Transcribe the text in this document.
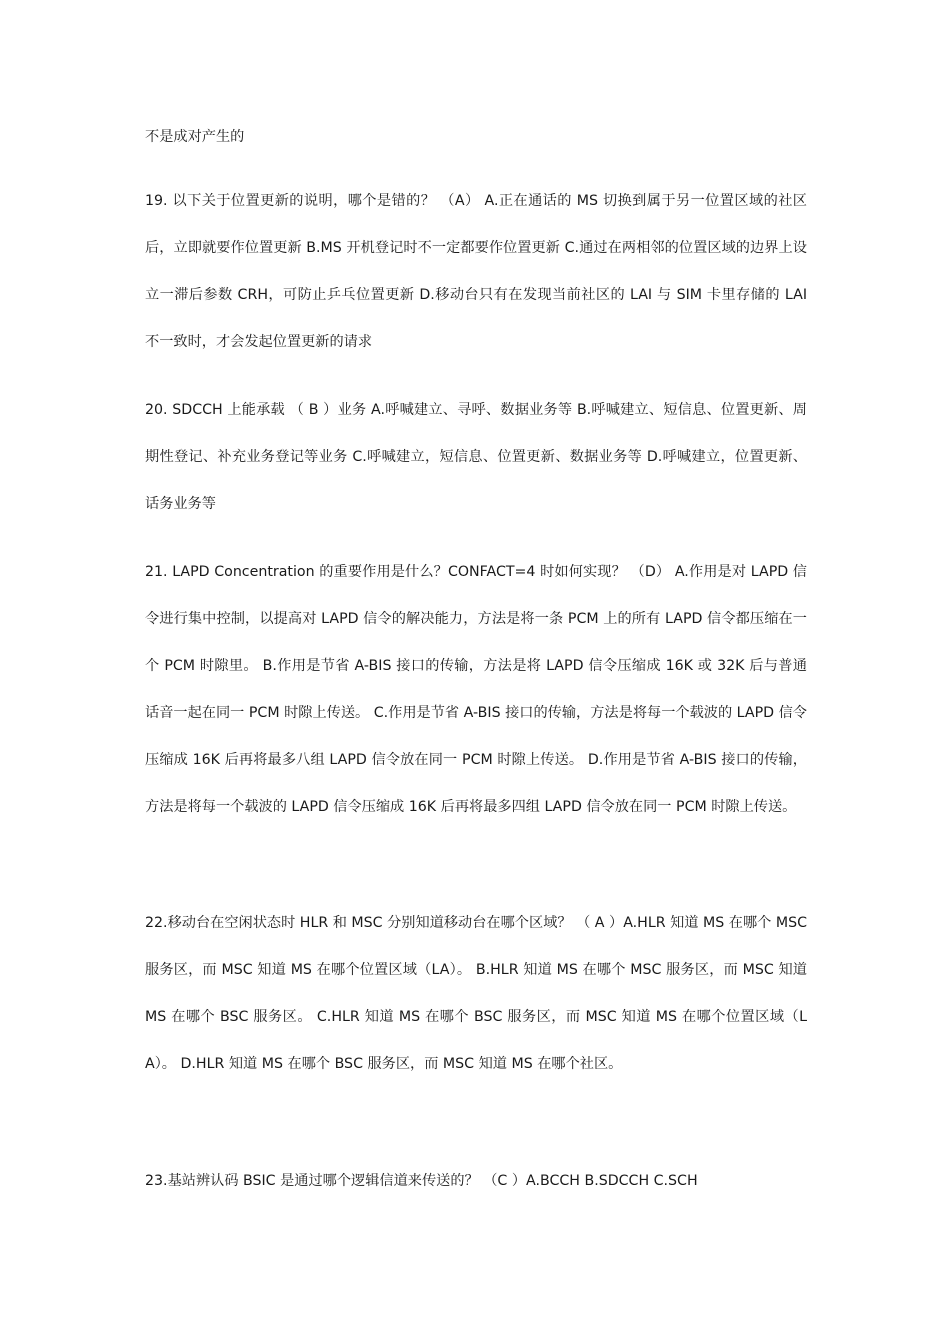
不是成对产生的
19. 以下关于位置更新的说明，哪个是错的？ （A） A.正在通话的 MS 切换到属于另一位置区域的社区后，立即就要作位置更新 B.MS 开机登记时不一定都要作位置更新 C.通过在两相邻的位置区域的边界上设立一滞后参数 CRH，可防止乒乓位置更新 D.移动台只有在发现当前社区的 LAI 与 SIM 卡里存储的 LAI 不一致时，才会发起位置更新的请求
20. SDCCH 上能承载 （ B ）业务 A.呼喊建立、寻呼、数据业务等 B.呼喊建立、短信息、位置更新、周期性登记、补充业务登记等业务 C.呼喊建立，短信息、位置更新、数据业务等 D.呼喊建立，位置更新、话务业务等
21. LAPD Concentration 的重要作用是什么？CONFACT=4 时如何实现？ （D） A.作用是对 LAPD 信令进行集中控制，以提高对 LAPD 信令的解决能力，方法是将一条 PCM 上的所有 LAPD 信令都压缩在一个 PCM 时隙里。 B.作用是节省 A-BIS 接口的传输，方法是将 LAPD 信令压缩成 16K 或 32K 后与普通话音一起在同一 PCM 时隙上传送。 C.作用是节省 A-BIS 接口的传输，方法是将每一个载波的 LAPD 信令压缩成 16K 后再将最多八组 LAPD 信令放在同一 PCM 时隙上传送。 D.作用是节省 A-BIS 接口的传输，方法是将每一个载波的 LAPD 信令压缩成 16K 后再将最多四组 LAPD 信令放在同一 PCM 时隙上传送。
22.移动台在空闲状态时 HLR 和 MSC 分别知道移动台在哪个区域？ （ A ）A.HLR 知道 MS 在哪个 MSC 服务区，而 MSC 知道 MS 在哪个位置区域（LA）。 B.HLR 知道 MS 在哪个 MSC 服务区，而 MSC 知道 MS 在哪个 BSC 服务区。 C.HLR 知道 MS 在哪个 BSC 服务区，而 MSC 知道 MS 在哪个位置区域（LA）。 D.HLR 知道 MS 在哪个 BSC 服务区，而 MSC 知道 MS 在哪个社区。
23.基站辨认码 BSIC 是通过哪个逻辑信道来传送的？ （C ）A.BCCH B.SDCCH C.SCH
